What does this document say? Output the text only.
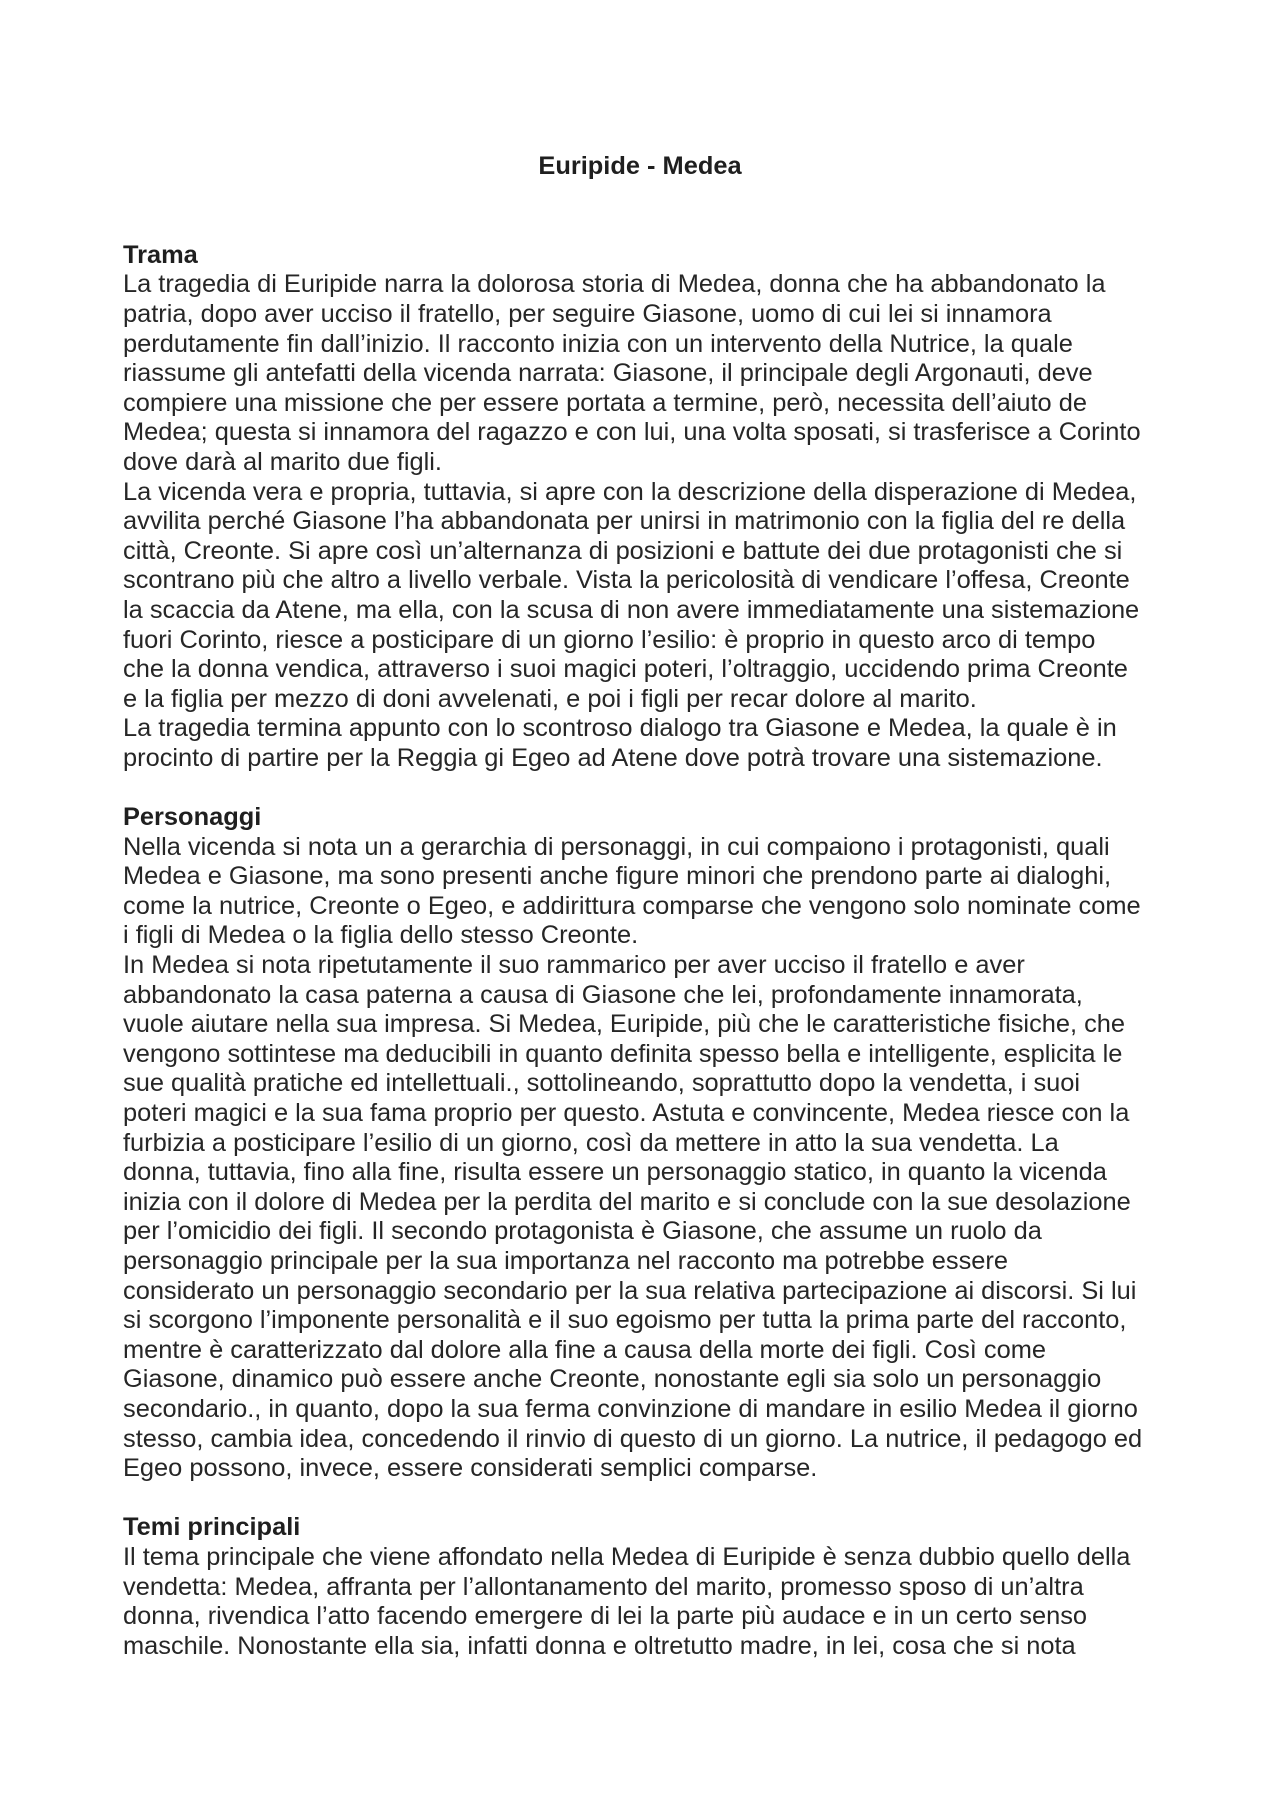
Euripide - Medea
Trama
La tragedia di Euripide narra la dolorosa storia di Medea, donna che ha abbandonato la
patria, dopo aver ucciso il fratello, per seguire Giasone, uomo di cui lei si innamora
perdutamente fin dall’inizio. Il racconto inizia con un intervento della Nutrice, la quale
riassume gli antefatti della vicenda narrata: Giasone, il principale degli Argonauti, deve
compiere una missione che per essere portata a termine, però, necessita dell’aiuto de
Medea; questa si innamora del ragazzo e con lui, una volta sposati, si trasferisce a Corinto
dove darà al marito due figli.
La vicenda vera e propria, tuttavia, si apre con la descrizione della disperazione di Medea,
avvilita perché Giasone l’ha abbandonata per unirsi in matrimonio con la figlia del re della
città, Creonte. Si apre così un’alternanza di posizioni e battute dei due protagonisti che si
scontrano più che altro a livello verbale. Vista la pericolosità di vendicare l’offesa, Creonte
la scaccia da Atene, ma ella, con la scusa di non avere immediatamente una sistemazione
fuori Corinto, riesce a posticipare di un giorno l’esilio: è proprio in questo arco di tempo
che la donna vendica, attraverso i suoi magici poteri, l’oltraggio, uccidendo prima Creonte
e la figlia per mezzo di doni avvelenati, e poi i figli per recar dolore al marito.
La tragedia termina appunto con lo scontroso dialogo tra Giasone e Medea, la quale è in
procinto di partire per la Reggia gi Egeo ad Atene dove potrà trovare una sistemazione.
Personaggi
Nella vicenda si nota un a gerarchia di personaggi, in cui compaiono i protagonisti, quali
Medea e Giasone, ma sono presenti anche figure minori che prendono parte ai dialoghi,
come la nutrice, Creonte o Egeo, e addirittura comparse che vengono solo nominate come
i figli di Medea o la figlia dello stesso Creonte.
In Medea si nota ripetutamente il suo rammarico per aver ucciso il fratello e aver
abbandonato la casa paterna a causa di Giasone che lei, profondamente innamorata,
vuole aiutare nella sua impresa. Si Medea, Euripide, più che le caratteristiche fisiche, che
vengono sottintese ma deducibili in quanto definita spesso bella e intelligente, esplicita le
sue qualità pratiche ed intellettuali., sottolineando, soprattutto dopo la vendetta, i suoi
poteri magici e la sua fama proprio per questo. Astuta e convincente, Medea riesce con la
furbizia a posticipare l’esilio di un giorno, così da mettere in atto la sua vendetta. La
donna, tuttavia, fino alla fine, risulta essere un personaggio statico, in quanto la vicenda
inizia con il dolore di Medea per la perdita del marito e si conclude con la sue desolazione
per l’omicidio dei figli. Il secondo protagonista è Giasone, che assume un ruolo da
personaggio principale per la sua importanza nel racconto ma potrebbe essere
considerato un personaggio secondario per la sua relativa partecipazione ai discorsi. Si lui
si scorgono l’imponente personalità e il suo egoismo per tutta la prima parte del racconto,
mentre è caratterizzato dal dolore alla fine a causa della morte dei figli. Così come
Giasone, dinamico può essere anche Creonte, nonostante egli sia solo un personaggio
secondario., in quanto, dopo la sua ferma convinzione di mandare in esilio Medea il giorno
stesso, cambia idea, concedendo il rinvio di questo di un giorno. La nutrice, il pedagogo ed
Egeo possono, invece, essere considerati semplici comparse.
Temi principali
Il tema principale che viene affondato nella Medea di Euripide è senza dubbio quello della
vendetta: Medea, affranta per l’allontanamento del marito, promesso sposo di un’altra
donna, rivendica l’atto facendo emergere di lei la parte più audace e in un certo senso
maschile. Nonostante ella sia, infatti donna e oltretutto madre, in lei, cosa che si nota
